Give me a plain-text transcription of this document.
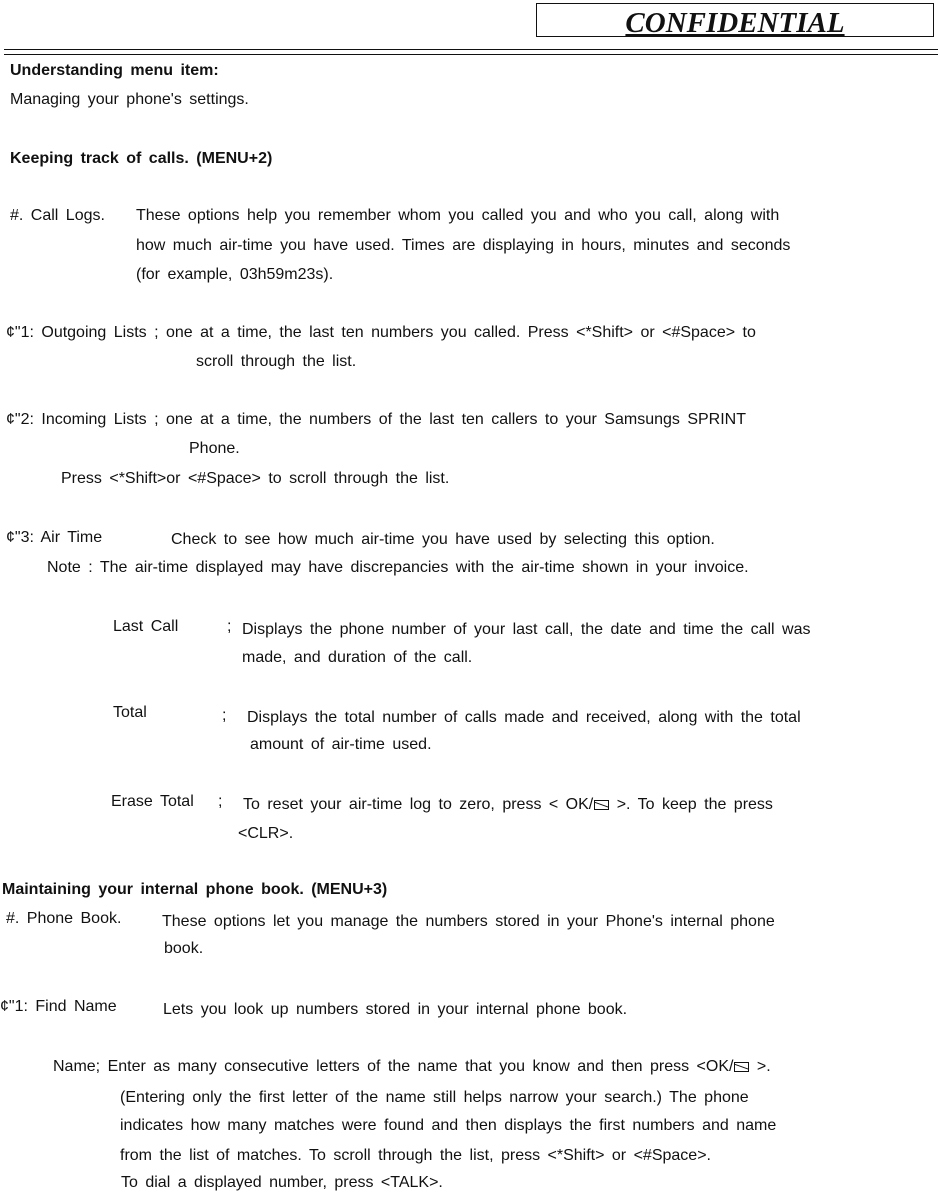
CONFIDENTIAL
Understanding menu item:
Managing your phone's settings.
Keeping track of calls. (MENU+2)
#. Call Logs. These options help you remember whom you called you and who you call, along with
how much air-time you have used. Times are displaying in hours, minutes and seconds
(for example, 03h59m23s).
¢"1: Outgoing Lists ; one at a time, the last ten numbers you called. Press <*Shift> or <#Space> to
scroll through the list.
¢"2: Incoming Lists ; one at a time, the numbers of the last ten callers to your Samsungs SPRINT
Phone.
Press <*Shift>or <#Space> to scroll through the list.
¢"3: Air Time	Check to see how much air-time you have used by selecting this option.
Note : The air-time displayed may have discrepancies with the air-time shown in your invoice.
Last Call	; Displays the phone number of your last call, the date and time the call was
made, and duration of the call.
Total	; Displays the total number of calls made and received, along with the total
amount of air-time used.
Erase Total ; To reset your air-time log to zero, press < OK/ >. To keep the press
<CLR>.
Maintaining your internal phone book. (MENU+3)
#. Phone Book.	These options let you manage the numbers stored in your Phone's internal phone
book.
¢"1: Find Name	Lets you look up numbers stored in your internal phone book.
Name; Enter as many consecutive letters of the name that you know and then press <OK/ >.
(Entering only the first letter of the name still helps narrow your search.) The phone
indicates how many matches were found and then displays the first numbers and name
from the list of matches. To scroll through the list, press <*Shift> or <#Space>.
To dial a displayed number, press <TALK>.
